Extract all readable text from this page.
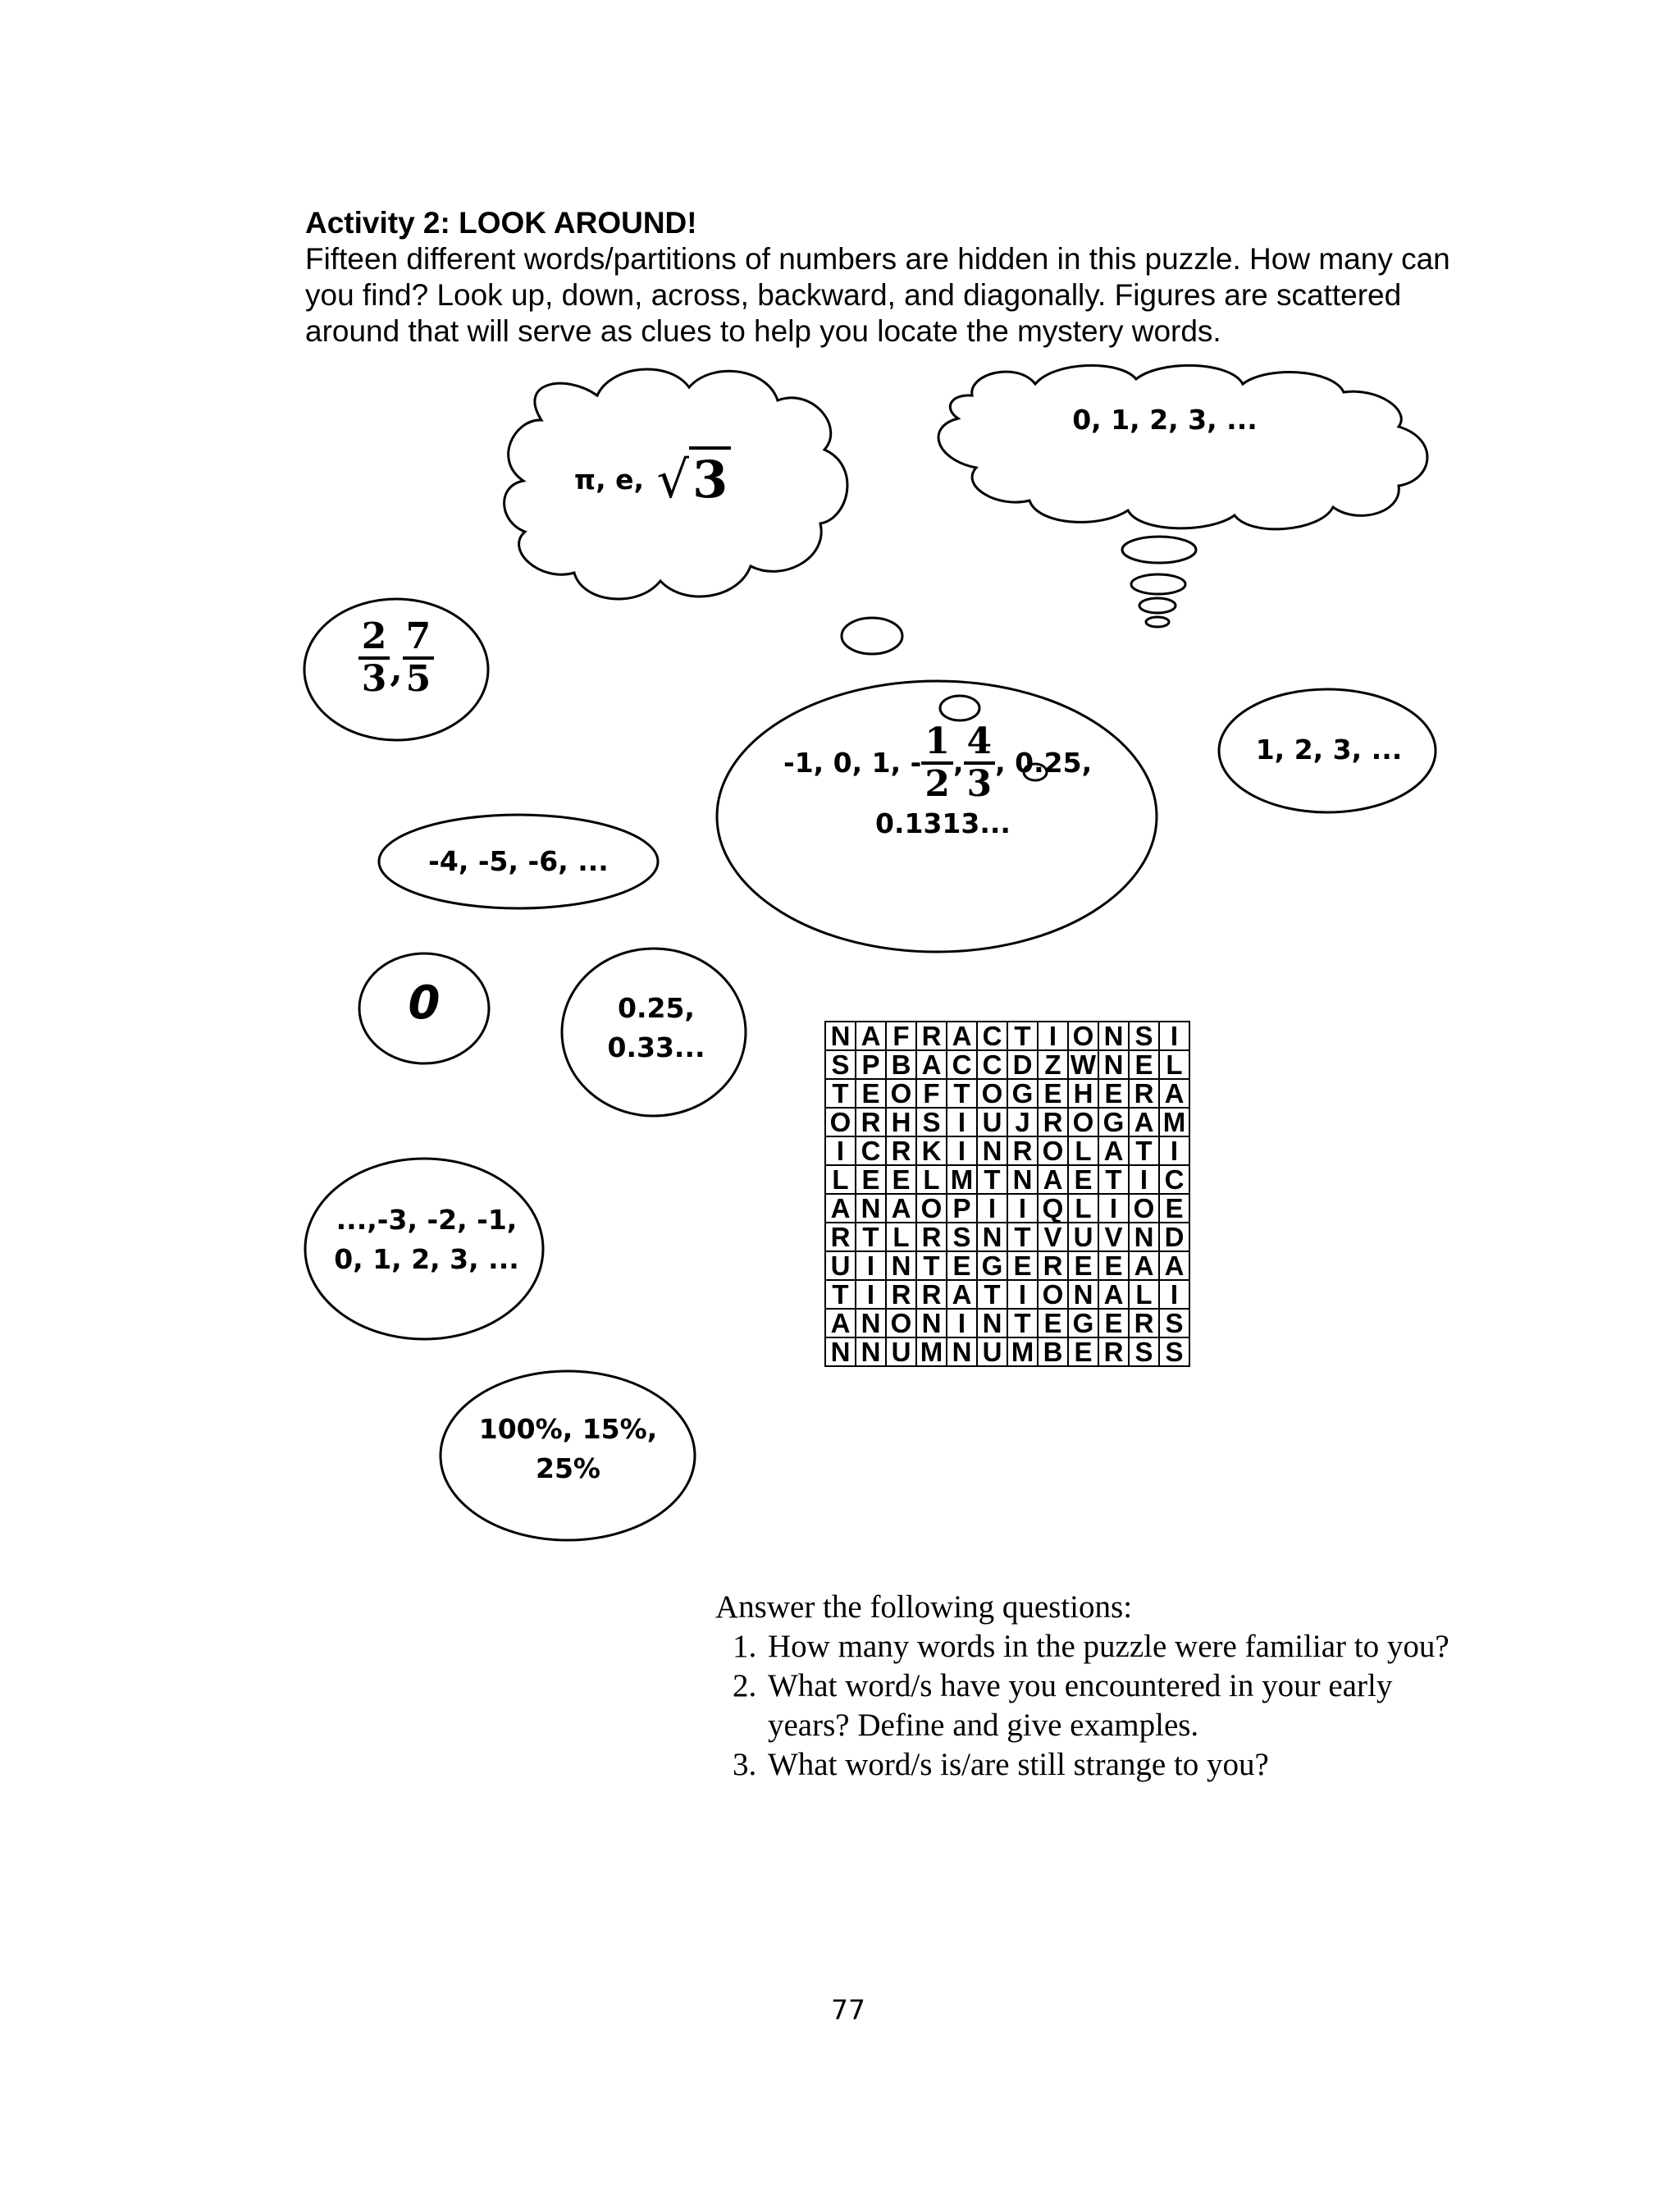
Activity 2: LOOK AROUND!
Fifteen different words/partitions of numbers are hidden in this puzzle. How many can you find? Look up, down, across, backward, and diagonally. Figures are scattered around that will serve as clues to help you locate the mystery words.
π, e, √3
0, 1, 2, 3, ...
$\frac{2}{3}$ , $\frac{7}{5}$
-1, 0, 1, - $\frac{1}{2}$ , $\frac{4}{3}$ , 0.25,
0.1313...
1, 2, 3, ...
-4, -5, -6, ...
0	0.25,
0.33...
...,-3, -2, -1,
0, 1, 2, 3, ...
100%, 15%,
25%
N	A	F	R	A	C	T	I	O	N	S	I
S	P	B	A	C	C	D	Z	W	N	E	L
T	E	O	F	T	O	G	E	H	E	R	A
O	R	H	S	I	U	J	R	O	G	A	M
I	C	R	K	I	N	R	O	L	A	T	I
L	E	E	L	M	T	N	A	E	T	I	C
A	N	A	O	P	I	I	Q	L	I	O	E
R	T	L	R	S	N	T	V	U	V	N	D
U	I	N	T	E	G	E	R	E	E	A	A
T	I	R	R	A	T	I	O	N	A	L	I
A	N	O	N	I	N	T	E	G	E	R	S
N	N	U	M	N	U	M	B	E	R	S	S
Answer the following questions:
1. How many words in the puzzle were familiar to you?
2. What word/s have you encountered in your early years? Define and give examples.
3. What word/s is/are still strange to you?
77
